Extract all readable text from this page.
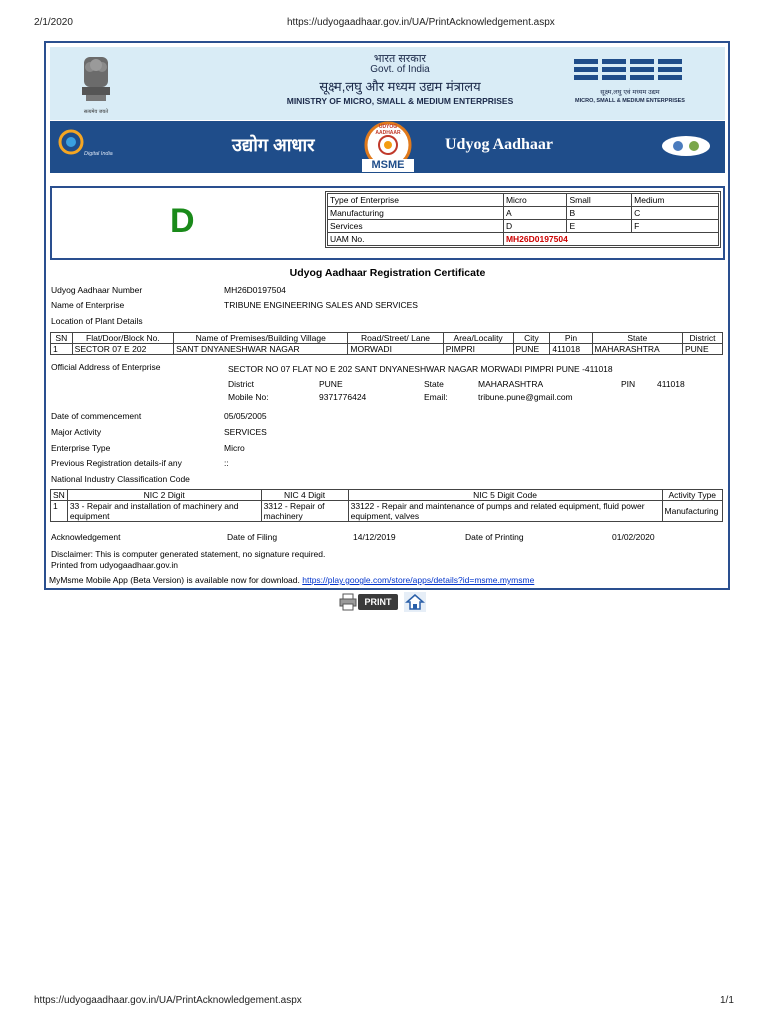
2/1/2020	https://udyogaadhaar.gov.in/UA/PrintAcknowledgement.aspx
सत्यमेव जयते
भारत सरकार
Govt. of India
सूक्ष्म,लघु और मध्यम उद्यम मंत्रालय
MINISTRY OF MICRO, SMALL & MEDIUM ENTERPRISES
सूक्ष्म,लघु एवं मध्यम उद्यम
MICRO, SMALL & MEDIUM ENTERPRISES
Digital India	उद्योग आधार
UDYOG AADHAAR
MSME
Udyog Aadhaar
D
Type of Enterprise	Micro	Small	Medium
Manufacturing	A	B	C
Services	D	E	F
UAM No.	MH26D0197504		
Udyog Aadhaar Registration Certificate
Udyog Aadhaar Number	MH26D0197504
Name of Enterprise	TRIBUNE ENGINEERING SALES AND SERVICES
Location of Plant Details
SN	Flat/Door/Block No.	Name of Premises/Building Village	Road/Street/ Lane	Area/Locality	City	Pin	State	District
1	SECTOR 07 E 202	SANT DNYANESHWAR NAGAR	MORWADI	PIMPRI	PUNE	411018	MAHARASHTRA	PUNE
Official Address of Enterprise	SECTOR NO 07 FLAT NO E 202 SANT DNYANESHWAR NAGAR MORWADI PIMPRI PUNE -411018
District	PUNE	State	MAHARASHTRA	PIN	411018
Mobile No:	9371776424	Email:	tribune.pune@gmail.com
Date of commencement	05/05/2005
Major Activity	SERVICES
Enterprise Type	Micro
Previous Registration details-if any	::
National Industry Classification Code
SN	NIC 2 Digit	NIC 4 Digit	NIC 5 Digit Code	Activity Type
1	33 - Repair and installation of machinery and equipment	3312 - Repair of machinery	33122 - Repair and maintenance of pumps and related equipment, fluid power equipment, valves	Manufacturing
Acknowledgement	Date of Filing	14/12/2019	Date of Printing	01/02/2020
Disclaimer: This is computer generated statement, no signature required.
Printed from udyogaadhaar.gov.in
MyMsme Mobile App (Beta Version) is available now for download. https://play.google.com/store/apps/details?id=msme.mymsme
PRINT
https://udyogaadhaar.gov.in/UA/PrintAcknowledgement.aspx	1/1
